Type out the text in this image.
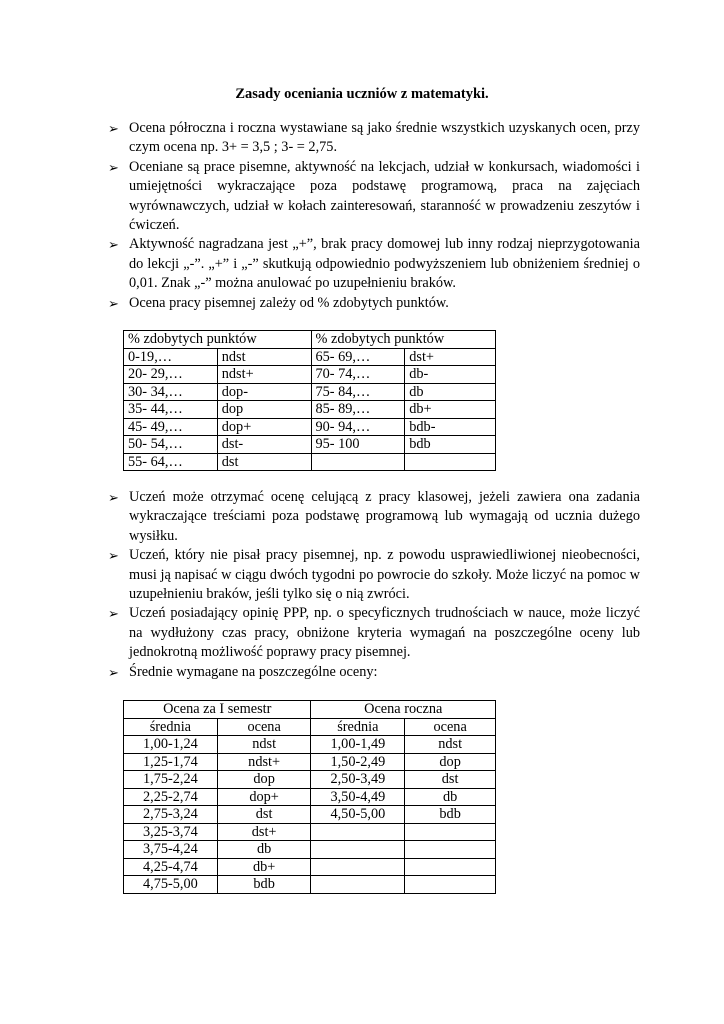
Zasady oceniania uczniów z matematyki.
➢ Ocena półroczna i roczna wystawiane są jako średnie wszystkich uzyskanych ocen, przy czym ocena np. 3+ = 3,5 ; 3- = 2,75.
➢ Oceniane są prace pisemne, aktywność na lekcjach, udział w konkursach, wiadomości i umiejętności wykraczające poza podstawę programową, praca na zajęciach wyrównawczych, udział w kołach zainteresowań, staranność w prowadzeniu zeszytów i ćwiczeń.
➢ Aktywność nagradzana jest „+”, brak pracy domowej lub inny rodzaj nieprzygotowania do lekcji „-”. „+” i „-” skutkują odpowiednio podwyższeniem lub obniżeniem średniej o 0,01. Znak „-” można anulować po uzupełnieniu braków.
➢ Ocena pracy pisemnej zależy od % zdobytych punktów.
% zdobytych punktów		% zdobytych punktów	
0-19,…	ndst	65- 69,…	dst+
20- 29,…	ndst+	70- 74,…	db-
30- 34,…	dop-	75- 84,…	db
35- 44,…	dop	85- 89,…	db+
45- 49,…	dop+	90- 94,…	bdb-
50- 54,…	dst-	95- 100	bdb
55- 64,…	dst		
➢ Uczeń może otrzymać ocenę celującą z pracy klasowej, jeżeli zawiera ona zadania wykraczające treściami poza podstawę programową lub wymagają od ucznia dużego wysiłku.
➢ Uczeń, który nie pisał pracy pisemnej, np. z powodu usprawiedliwionej nieobecności, musi ją napisać w ciągu dwóch tygodni po powrocie do szkoły. Może liczyć na pomoc w uzupełnieniu braków, jeśli tylko się o nią zwróci.
➢ Uczeń posiadający opinię PPP, np. o specyficznych trudnościach w nauce, może liczyć na wydłużony czas pracy, obniżone kryteria wymagań na poszczególne oceny lub jednokrotną możliwość poprawy pracy pisemnej.
➢ Średnie wymagane na poszczególne oceny:
Ocena za I semestr		Ocena roczna	
średnia	ocena	średnia	ocena
1,00-1,24	ndst	1,00-1,49	ndst
1,25-1,74	ndst+	1,50-2,49	dop
1,75-2,24	dop	2,50-3,49	dst
2,25-2,74	dop+	3,50-4,49	db
2,75-3,24	dst	4,50-5,00	bdb
3,25-3,74	dst+		
3,75-4,24	db		
4,25-4,74	db+		
4,75-5,00	bdb		
